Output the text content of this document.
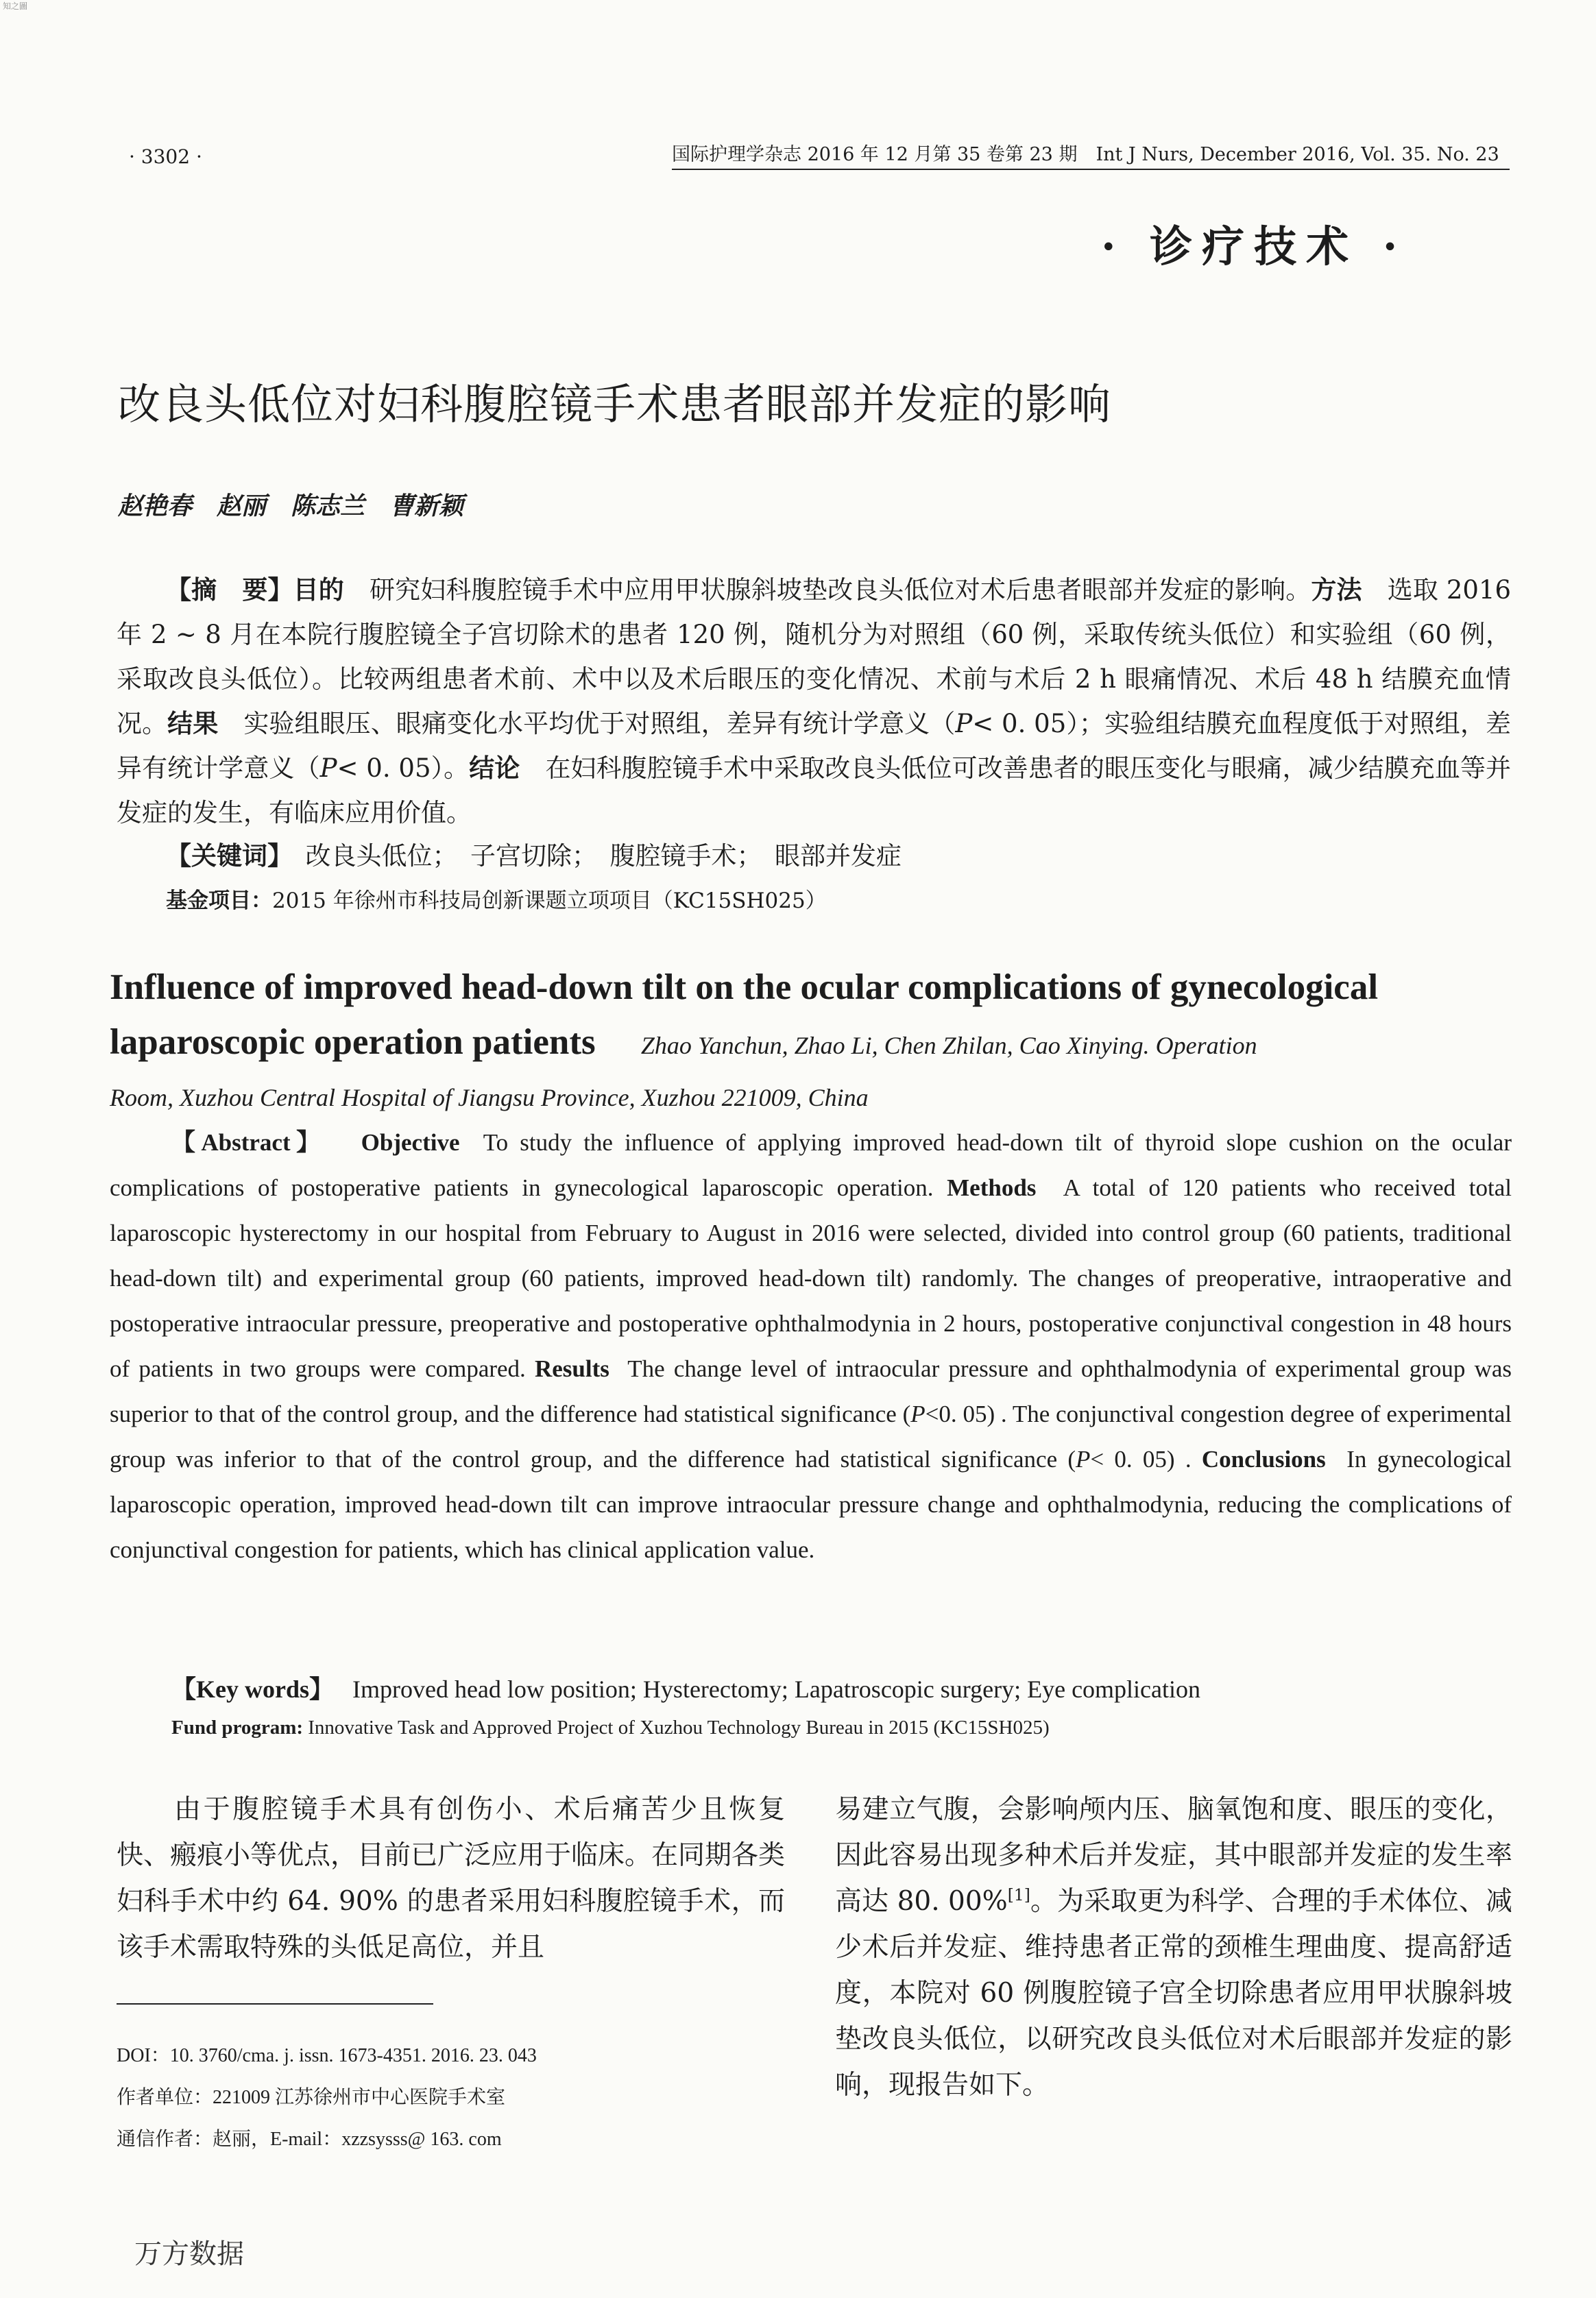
知之圖
· 3302 ·	国际护理学杂志 2016 年 12 月第 35 卷第 23 期　Int J Nurs, December 2016, Vol. 35. No. 23
· 诊疗技术 ·
改良头低位对妇科腹腔镜手术患者眼部并发症的影响
赵艳春　赵丽　陈志兰　曹新颖
【摘　要】目的　 研究妇科腹腔镜手术中应用甲状腺斜坡垫改良头低位对术后患者眼部并发症的影响。方法　 选取 2016 年 2 ~ 8 月在本院行腹腔镜全子宫切除术的患者 120 例，随机分为对照组（60 例，采取传统头低位）和实验组（60 例，采取改良头低位）。比较两组患者术前、术中以及术后眼压的变化情况、术前与术后 2 h 眼痛情况、术后 48 h 结膜充血情况。结果　 实验组眼压、眼痛变化水平均优于对照组，差异有统计学意义（P< 0. 05）；实验组结膜充血程度低于对照组，差异有统计学意义（P< 0. 05）。结论　 在妇科腹腔镜手术中采取改良头低位可改善患者的眼压变化与眼痛，减少结膜充血等并发症的发生，有临床应用价值。
【关键词】　 改良头低位；　子宫切除；　腹腔镜手术；　眼部并发症
基金项目：2015 年徐州市科技局创新课题立项项目（KC15SH025）
Influence of improved head-down tilt on the ocular complications of gynecological laparoscopic operation patients Zhao Yanchun, Zhao Li, Chen Zhilan, Cao Xinying. Operation
Room, Xuzhou Central Hospital of Jiangsu Province, Xuzhou 221009, China
【Abstract】 Objective To study the influence of applying improved head-down tilt of thyroid slope cushion on the ocular complications of postoperative patients in gynecological laparoscopic operation. Methods A total of 120 patients who received total laparoscopic hysterectomy in our hospital from February to August in 2016 were selected, divided into control group (60 patients, traditional head-down tilt) and experimental group (60 patients, improved head-down tilt) randomly. The changes of preoperative, intraoperative and postoperative intraocular pressure, preoperative and postoperative ophthalmodynia in 2 hours, postoperative conjunctival congestion in 48 hours of patients in two groups were compared. Results The change level of intraocular pressure and ophthalmodynia of experimental group was superior to that of the control group, and the difference had statistical significance (P<0. 05) . The conjunctival congestion degree of experimental group was inferior to that of the control group, and the difference had statistical significance (P< 0. 05) . Conclusions In gynecological laparoscopic operation, improved head-down tilt can improve intraocular pressure change and ophthalmodynia, reducing the complications of conjunctival congestion for patients, which has clinical application value.
【Key words】 Improved head low position; Hysterectomy; Lapatroscopic surgery; Eye complication
Fund program: Innovative Task and Approved Project of Xuzhou Technology Bureau in 2015 (KC15SH025)
由于腹腔镜手术具有创伤小、术后痛苦少且恢复快、瘢痕小等优点，目前已广泛应用于临床。在同期各类妇科手术中约 64. 90% 的患者采用妇科腹腔镜手术，而该手术需取特殊的头低足高位，并且
易建立气腹，会影响颅内压、脑氧饱和度、眼压的变化，因此容易出现多种术后并发症，其中眼部并发症的发生率高达 80. 00%[1]。为采取更为科学、合理的手术体位、减少术后并发症、维持患者正常的颈椎生理曲度、提高舒适度，本院对 60 例腹腔镜子宫全切除患者应用甲状腺斜坡垫改良头低位，以研究改良头低位对术后眼部并发症的影响，现报告如下。
DOI：10. 3760/cma. j. issn. 1673-4351. 2016. 23. 043
作者单位：221009 江苏徐州市中心医院手术室
通信作者：赵丽，E-mail：xzzsysss@ 163. com
万方数据
